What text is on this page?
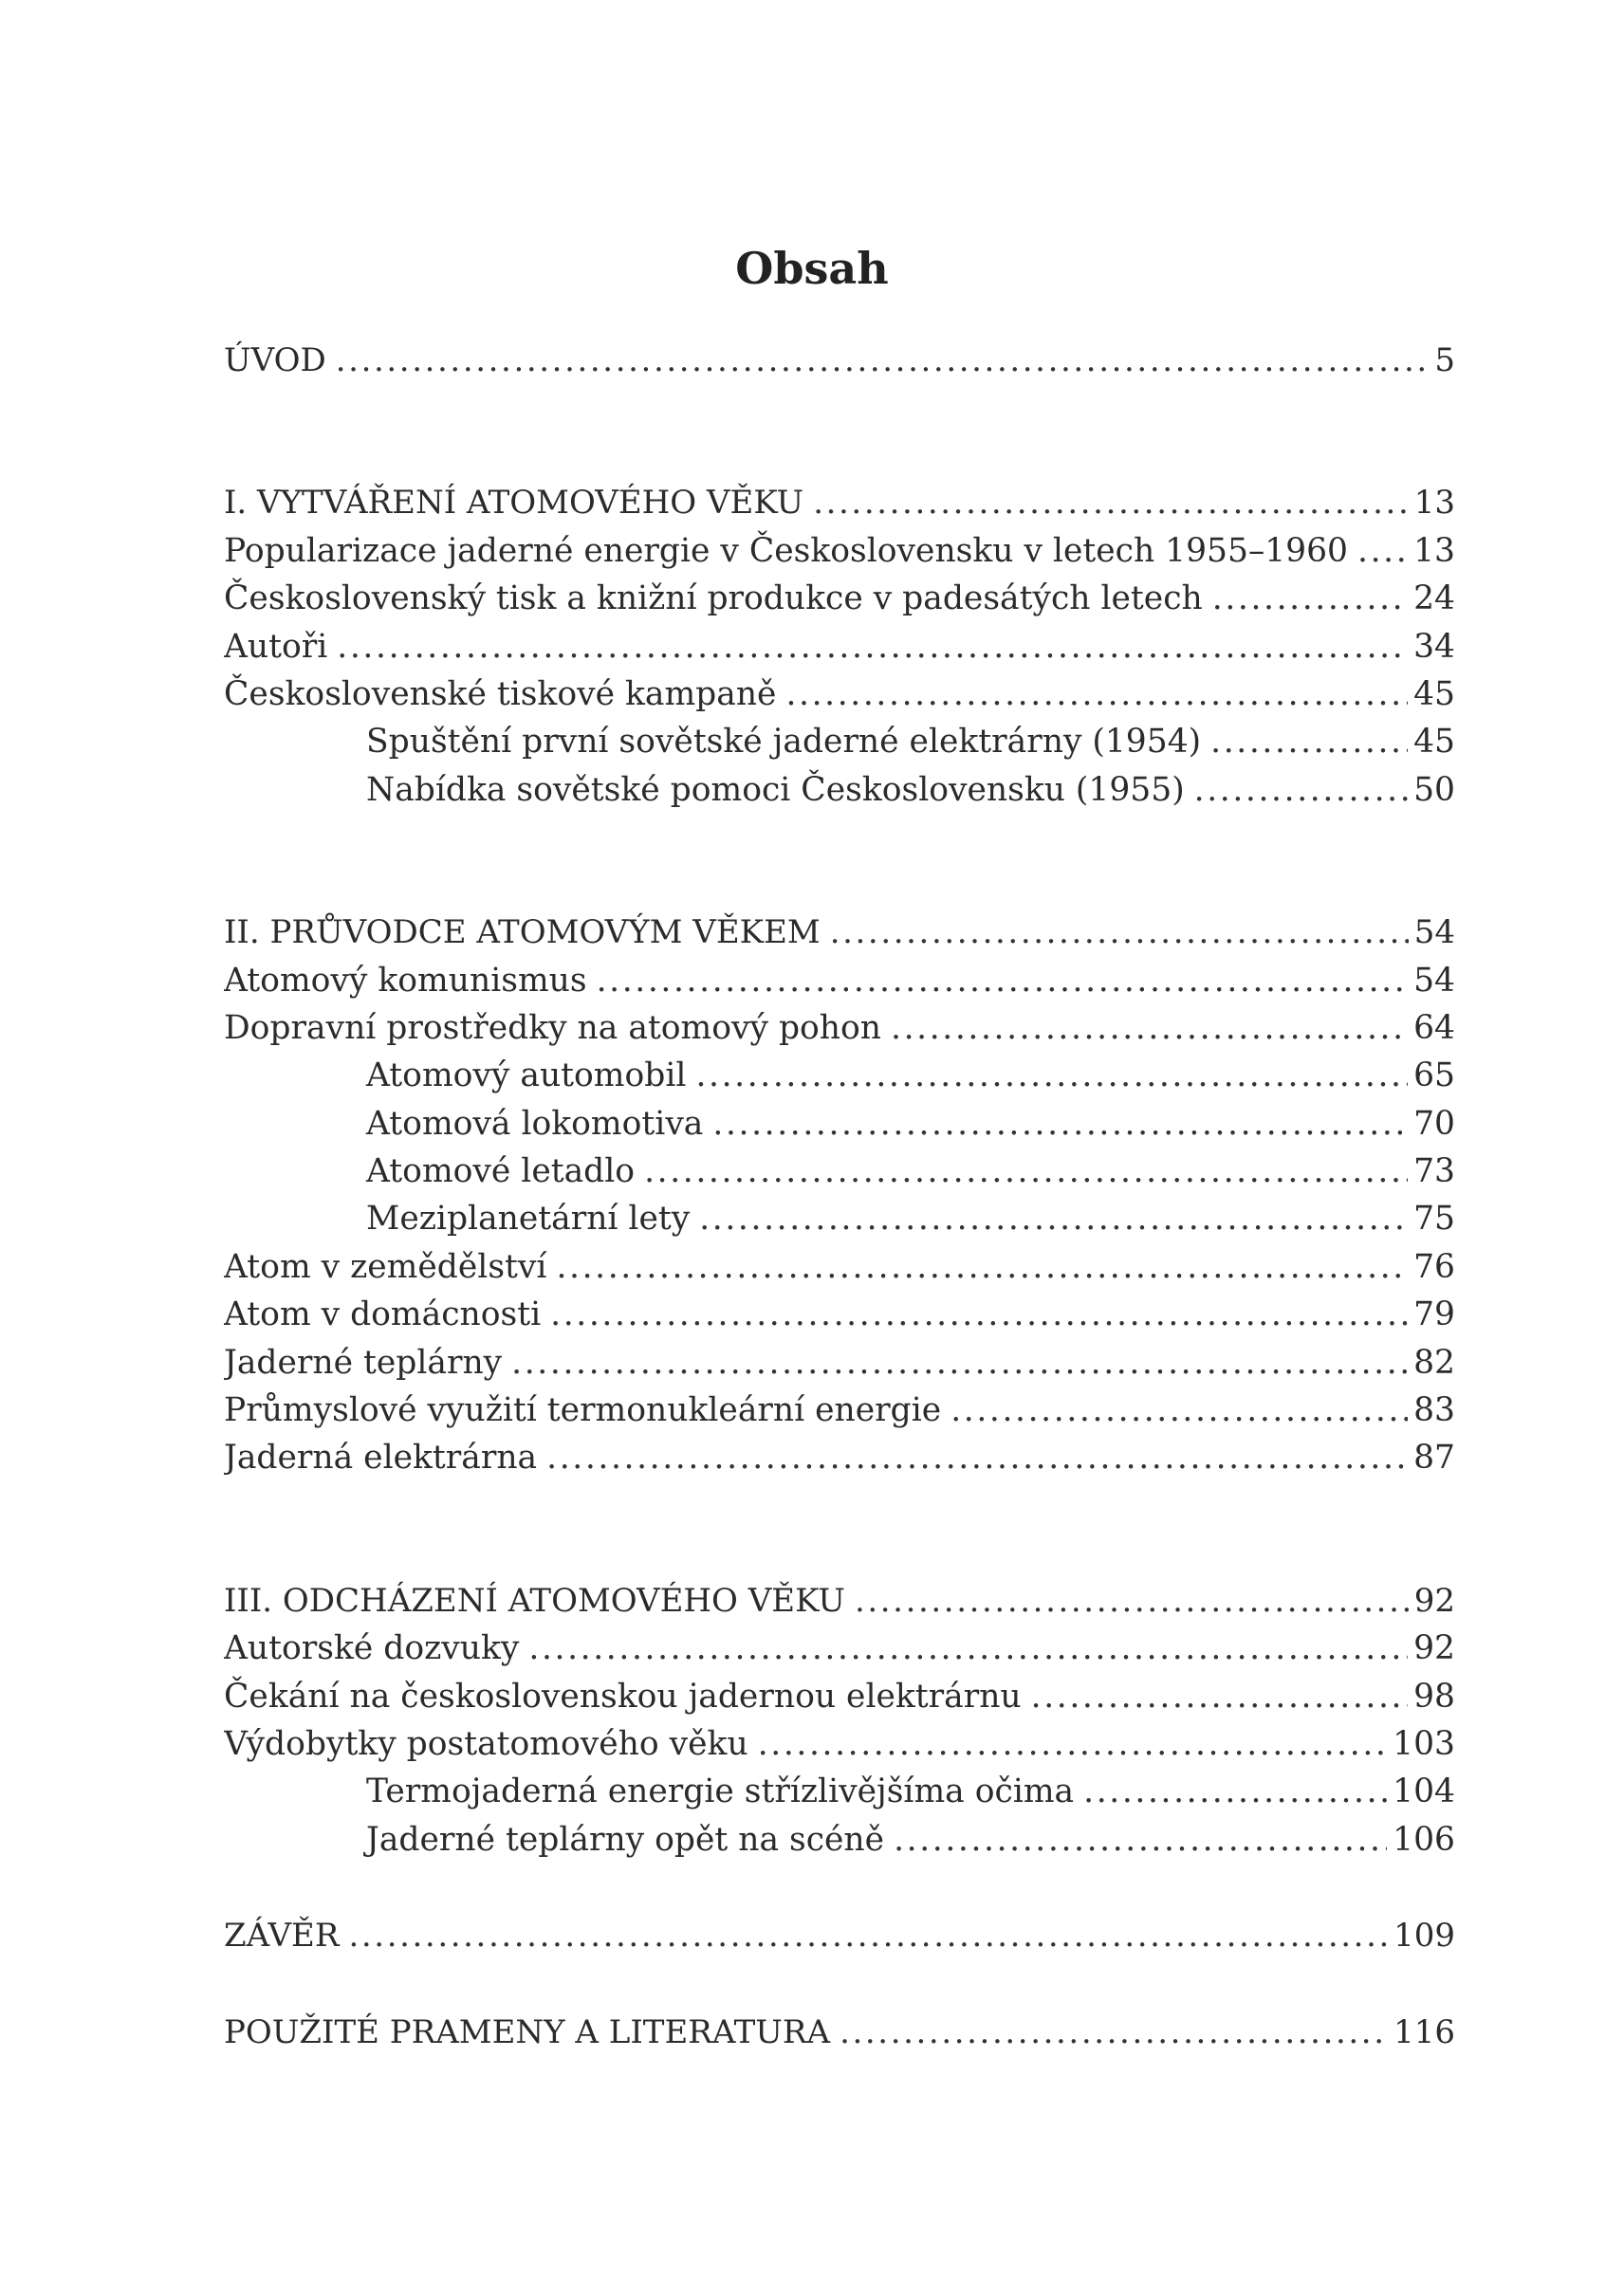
Obsah
ÚVOD .....	5
I. VYTVÁŘENÍ ATOMOVÉHO VĚKU .....	13
Popularizace jaderné energie v Československu v letech 1955–1960 ..... 13
Československý tisk a knižní produkce v padesátých letech .....	24
Autoři .....	34
Československé tiskové kampaně .....	45
Spuštění první sovětské jaderné elektrárny (1954) .....	45
Nabídka sovětské pomoci Československu (1955) .....	50
II. PRŮVODCE ATOMOVÝM VĚKEM .....	54
Atomový komunismus .....	54
Dopravní prostředky na atomový pohon .....	64
Atomový automobil .....	65
Atomová lokomotiva .....	70
Atomové letadlo .....	73
Meziplanetární lety .....	75
Atom v zemědělství .....	76
Atom v domácnosti .....	79
Jaderné teplárny .....	82
Průmyslové využití termonukleární energie .....	83
Jaderná elektrárna .....	87
III. ODCHÁZENÍ ATOMOVÉHO VĚKU .....	92
Autorské dozvuky .....	92
Čekání na československou jadernou elektrárnu .....	98
Výdobytky postatomového věku .....	103
Termojaderná energie střízlivějšíma očima .....	104
Jaderné teplárny opět na scéně .....	106
ZÁVĚR .....	109
POUŽITÉ PRAMENY A LITERATURA .....	116
